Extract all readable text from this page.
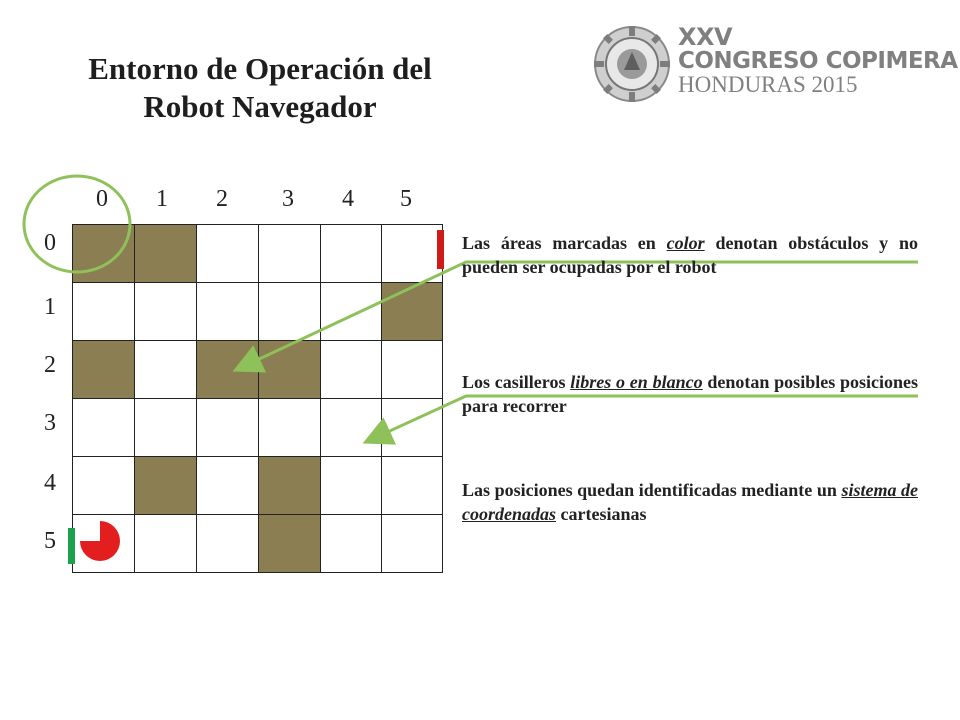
Entorno de Operación del
Robot Navegador
XXV
CONGRESO COPIMERA
HONDURAS 2015
0	1	2	3	4	5
0
1
2
3
4
5
Las áreas marcadas en color denotan obstáculos y no pueden ser ocupadas por el robot
Los casilleros libres o en blanco denotan posibles posiciones para recorrer
Las posiciones quedan identificadas mediante un sistema de coordenadas cartesianas
